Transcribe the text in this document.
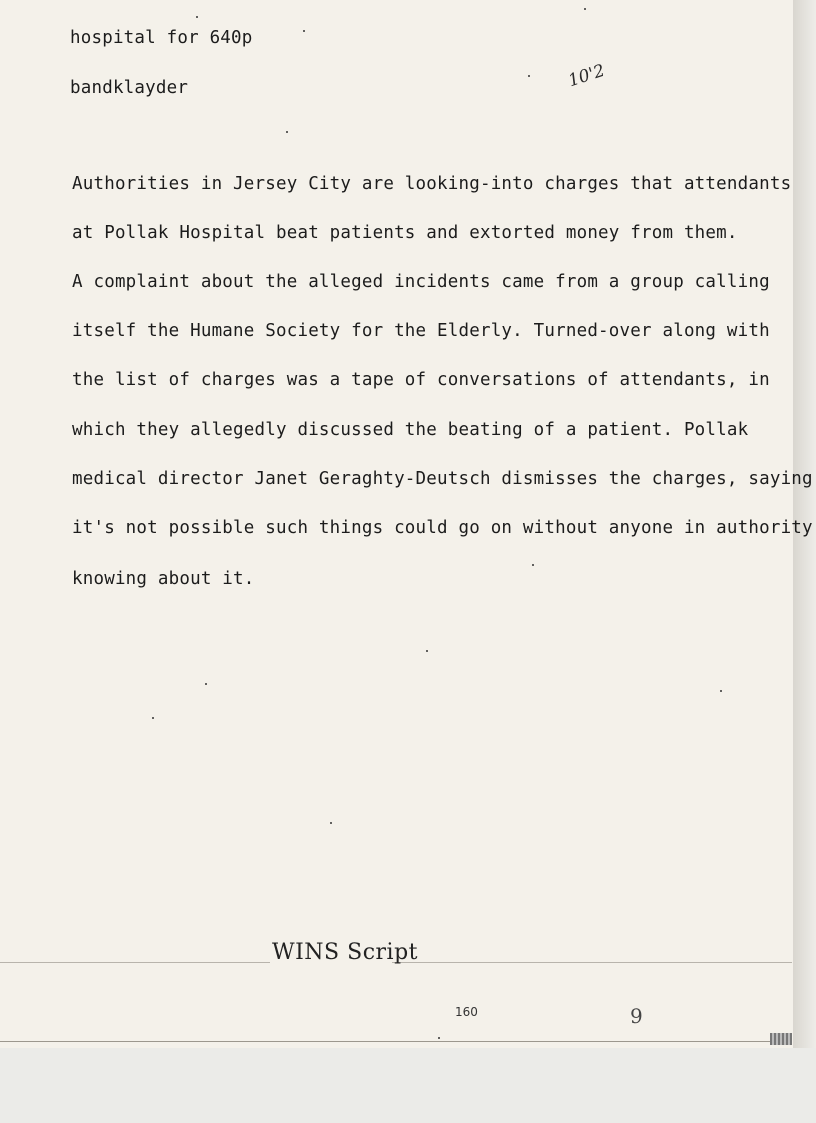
hospital for 640p
bandklayder	10'2
Authorities in Jersey City are looking-into charges that attendants
at Pollak Hospital beat patients and extorted money from them.
A complaint about the alleged incidents came from a group calling
itself the Humane Society for the Elderly. Turned-over along with
the list of charges was a tape of conversations of attendants, in
which they allegedly discussed the beating of a patient. Pollak
medical director Janet Geraghty-Deutsch dismisses the charges, saying
it's not possible such things could go on without anyone in authority
knowing about it.
WINS Script
160	9
